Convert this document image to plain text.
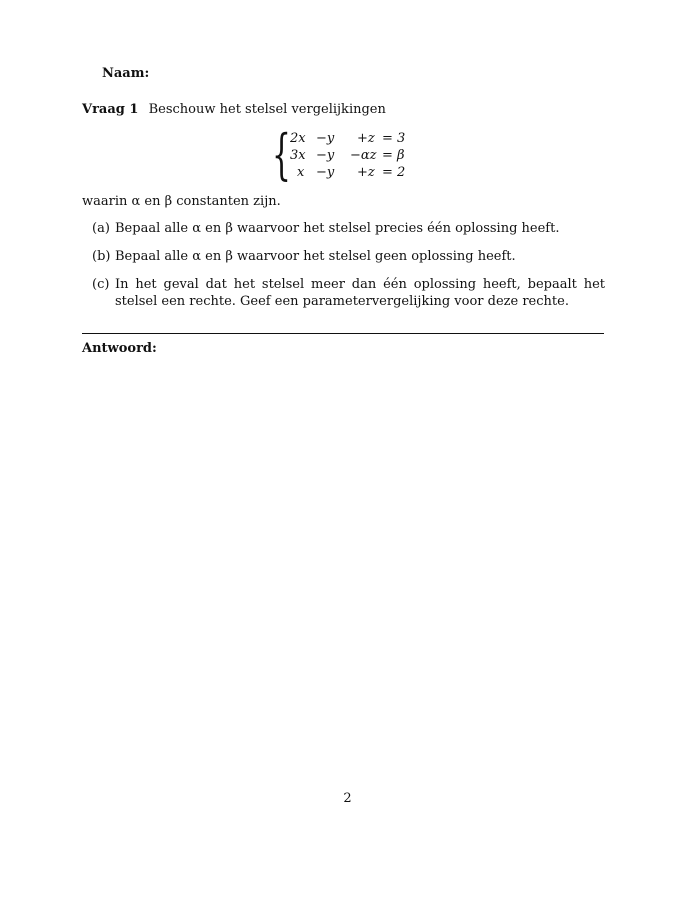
Naam:
Vraag 1 Beschouw het stelsel vergelijkingen
{ 2x −y +z = 3
3x −y −αz = β
x −y +z = 2
waarin α en β constanten zijn.
(a) Bepaal alle α en β waarvoor het stelsel precies één oplossing heeft.
(b) Bepaal alle α en β waarvoor het stelsel geen oplossing heeft.
(c) In het geval dat het stelsel meer dan één oplossing heeft, bepaalt het stelsel een rechte. Geef een parametervergelijking voor deze rechte.
Antwoord:
2
